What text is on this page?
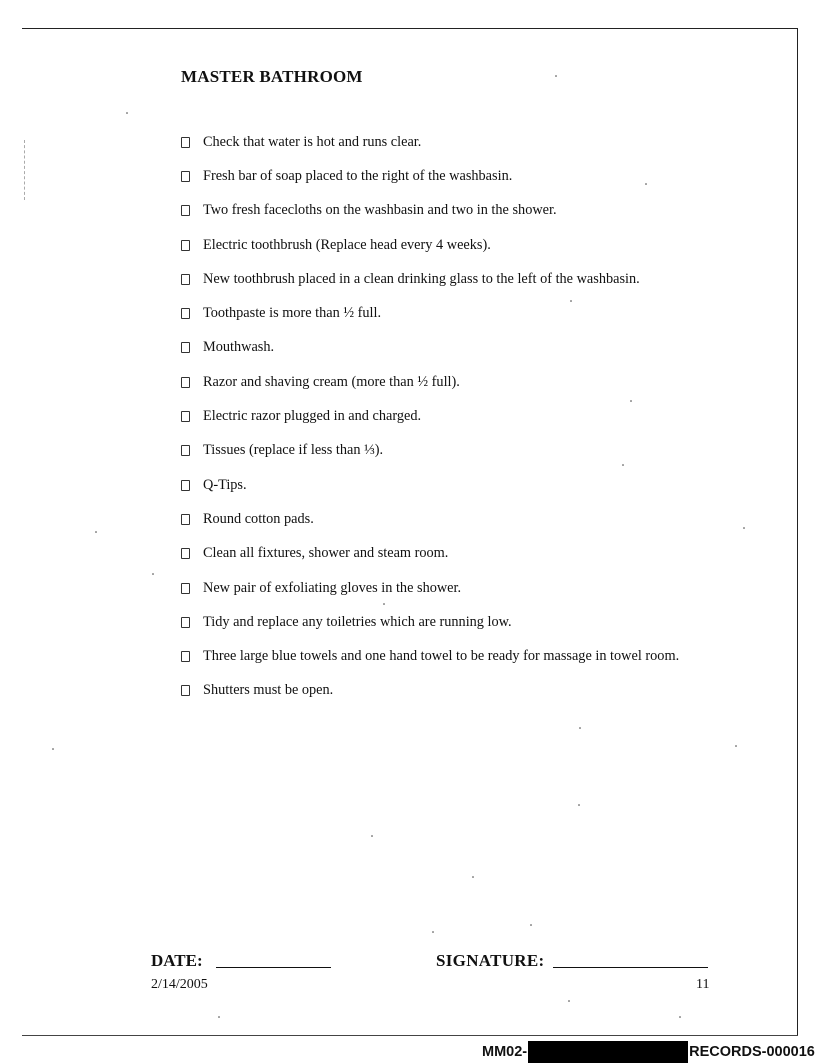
MASTER BATHROOM
Check that water is hot and runs clear.
Fresh bar of soap placed to the right of the washbasin.
Two fresh facecloths on the washbasin and two in the shower.
Electric toothbrush (Replace head every 4 weeks).
New toothbrush placed in a clean drinking glass to the left of the washbasin.
Toothpaste is more than ½ full.
Mouthwash.
Razor and shaving cream (more than ½ full).
Electric razor plugged in and charged.
Tissues (replace if less than ⅓).
Q-Tips.
Round cotton pads.
Clean all fixtures, shower and steam room.
New pair of exfoliating gloves in the shower.
Tidy and replace any toiletries which are running low.
Three large blue towels and one hand towel to be ready for massage in towel room.
Shutters must be open.
DATE:	SIGNATURE:
2/14/2005	11
MM02-	RECORDS-000016
